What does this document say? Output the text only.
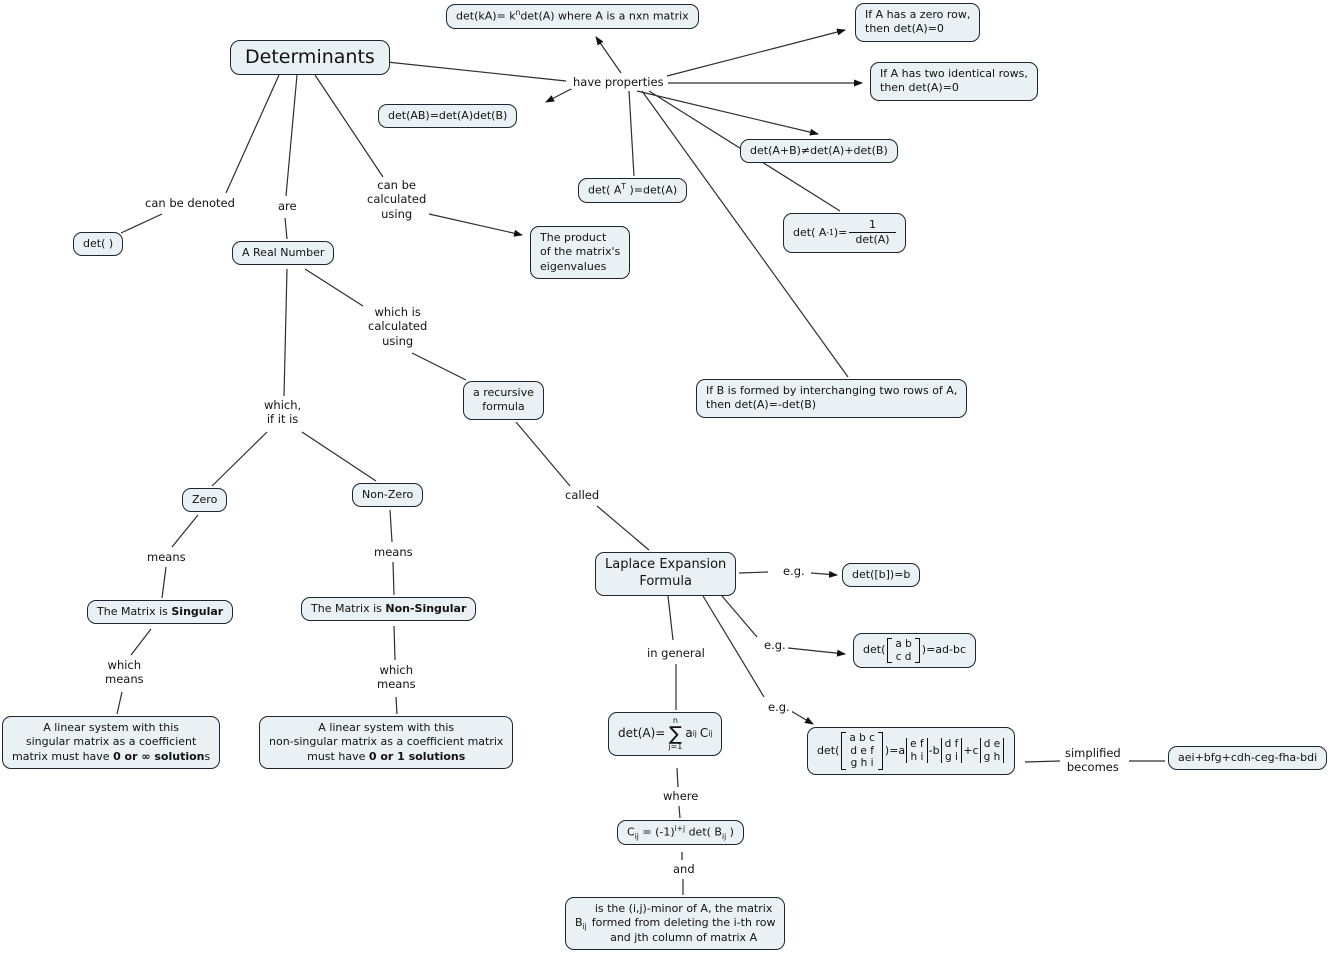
$\det(kA)= k^n\det(A)$ where A is a nxn matrix	If A has a zero row,
then det(A)=0
Determinants
have properties
det(AB)=det(A)det(B)
If A has two identical rows,
then det(A)=0
det(A+B)≠det(A)+det(B)
det( $A^T$ )=det(A)
det( A -1 )= $\frac{1}{\det(A)}$
can be denoted	are
can be
calculated
using
det( )
A Real Number
The product
of the matrix's
eigenvalues
which is
calculated
using
a recursive
formula
If B is formed by interchanging two rows of A,
then det(A)=-det(B)
which,
if it is
Zero	Non-Zero
means	means
The Matrix is Singular	The Matrix is Non-Singular
which
means
which
means
A linear system with this
singular matrix as a coefficient
matrix must have 0 or ∞ solutions
A linear system with this
non-singular matrix as a coefficient matrix
must have 0 or 1 solutions
called
Laplace Expansion
Formula
e.g.	det([b])=b
in general
e.g.	det( a b
c d
)=ad-bc
e.g.
det(A)=
n
∑
j=1
a ij C ij
det(
a b c
d e f
g h i
)=a e f
h i
-b d f
g i
+c d e
g h	simplified
becomes
aei+bfg+cdh-ceg-fha-bdi
where
$C_{ij} = (-1)^{i+j}$ det( $B_{ij}$ )
and
$B_{ij}$
is the (i,j)-minor of A, the matrix
formed from deleting the i-th row
and jth column of matrix A
